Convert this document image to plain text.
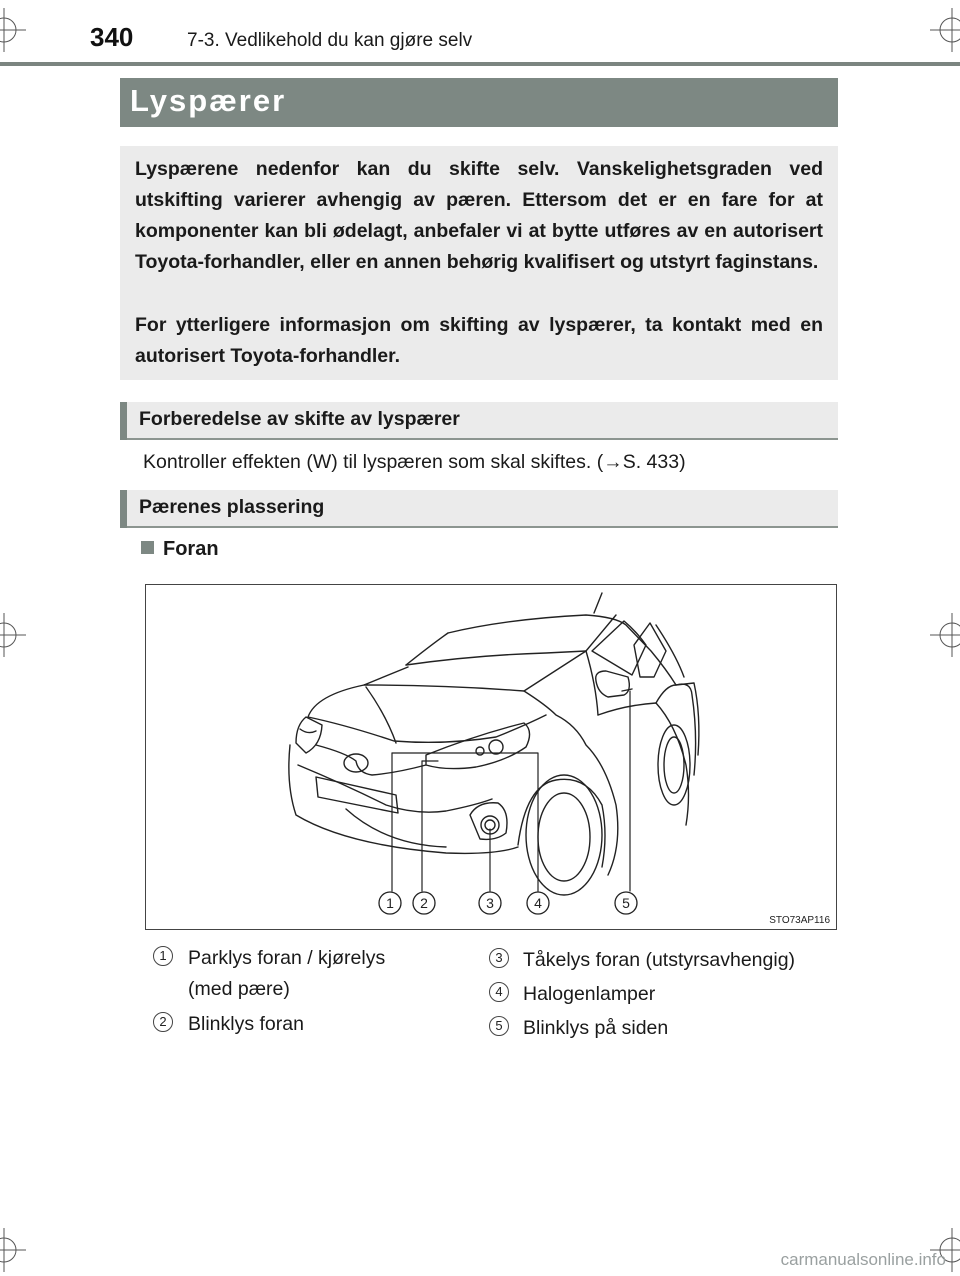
340	7-3. Vedlikehold du kan gjøre selv
Lyspærer

Lyspærene nedenfor kan du skifte selv. Vanskelighetsgraden ved utskifting varierer avhengig av pæren. Ettersom det er en fare for at komponenter kan bli ødelagt, anbefaler vi at bytte utføres av en autorisert Toyota-forhandler, eller en annen behørig kvalifisert og utstyrt faginstans.

For ytterligere informasjon om skifting av lyspærer, ta kontakt med en autorisert Toyota-forhandler.

Forberedelse av skifte av lyspærer
Kontroller effekten (W) til lyspæren som skal skiftes. (→S. 433)
Pærenes plassering
Foran
1 2	3	4	5
STO73AP116
1	Parklys foran / kjørelys
(med pære)
2	Blinklys foran
3	Tåkelys foran (utstyrsavhengig)
4	Halogenlamper
5	Blinklys på siden
carmanualsonline.info
